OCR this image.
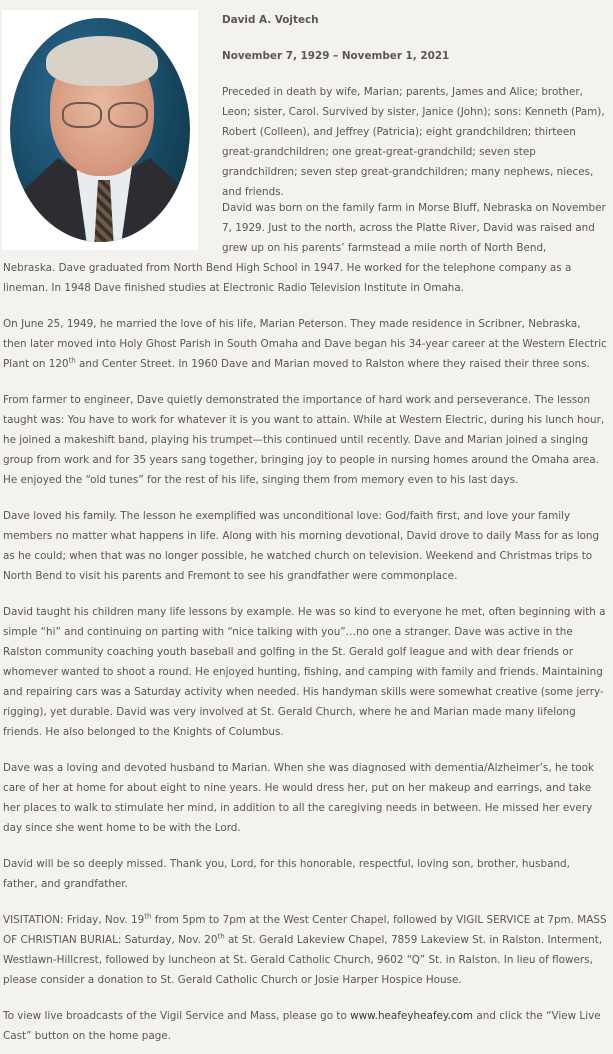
David A. Vojtech
November 7, 1929 – November 1, 2021

Preceded in death by wife, Marian; parents, James and Alice; brother, Leon; sister, Carol. Survived by sister, Janice (John); sons: Kenneth (Pam), Robert (Colleen), and Jeffrey (Patricia); eight grandchildren; thirteen great-grandchildren; one great-great-grandchild; seven step grandchildren; seven step great-grandchildren; many nephews, nieces, and friends.

David was born on the family farm in Morse Bluff, Nebraska on November 7, 1929. Just to the north, across the Platte River, David was raised and grew up on his parents’ farmstead a mile north of North Bend,

Nebraska. Dave graduated from North Bend High School in 1947. He worked for the telephone company as a lineman. In 1948 Dave finished studies at Electronic Radio Television Institute in Omaha.

On June 25, 1949, he married the love of his life, Marian Peterson. They made residence in Scribner, Nebraska, then later moved into Holy Ghost Parish in South Omaha and Dave began his 34-year career at the Western Electric Plant on 120th and Center Street. In 1960 Dave and Marian moved to Ralston where they raised their three sons.

From farmer to engineer, Dave quietly demonstrated the importance of hard work and perseverance. The lesson taught was: You have to work for whatever it is you want to attain. While at Western Electric, during his lunch hour, he joined a makeshift band, playing his trumpet—this continued until recently. Dave and Marian joined a singing group from work and for 35 years sang together, bringing joy to people in nursing homes around the Omaha area. He enjoyed the “old tunes” for the rest of his life, singing them from memory even to his last days.

Dave loved his family. The lesson he exemplified was unconditional love: God/faith first, and love your family members no matter what happens in life. Along with his morning devotional, David drove to daily Mass for as long as he could; when that was no longer possible, he watched church on television. Weekend and Christmas trips to North Bend to visit his parents and Fremont to see his grandfather were commonplace.

David taught his children many life lessons by example. He was so kind to everyone he met, often beginning with a simple “hi” and continuing on parting with “nice talking with you”…no one a stranger. Dave was active in the Ralston community coaching youth baseball and golfing in the St. Gerald golf league and with dear friends or whomever wanted to shoot a round. He enjoyed hunting, fishing, and camping with family and friends. Maintaining and repairing cars was a Saturday activity when needed. His handyman skills were somewhat creative (some jerry-rigging), yet durable. David was very involved at St. Gerald Church, where he and Marian made many lifelong friends. He also belonged to the Knights of Columbus.

Dave was a loving and devoted husband to Marian. When she was diagnosed with dementia/Alzheimer’s, he took care of her at home for about eight to nine years. He would dress her, put on her makeup and earrings, and take her places to walk to stimulate her mind, in addition to all the caregiving needs in between. He missed her every day since she went home to be with the Lord.

David will be so deeply missed. Thank you, Lord, for this honorable, respectful, loving son, brother, husband, father, and grandfather.

VISITATION: Friday, Nov. 19th from 5pm to 7pm at the West Center Chapel, followed by VIGIL SERVICE at 7pm. MASS OF CHRISTIAN BURIAL: Saturday, Nov. 20th at St. Gerald Lakeview Chapel, 7859 Lakeview St. in Ralston. Interment, Westlawn-Hillcrest, followed by luncheon at St. Gerald Catholic Church, 9602 “Q” St. in Ralston. In lieu of flowers, please consider a donation to St. Gerald Catholic Church or Josie Harper Hospice House.

To view live broadcasts of the Vigil Service and Mass, please go to www.heafeyheafey.com and click the “View Live Cast” button on the home page.
